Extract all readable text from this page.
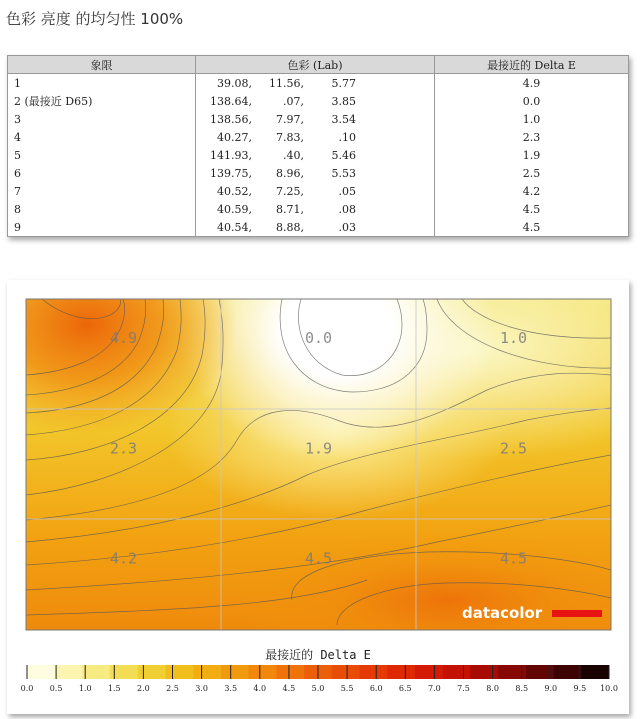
色彩 亮度 的均匀性 100%
象限	色彩 (Lab)	最接近的 Delta E
1	39.08, 11.56, 5.77	4.9
2 (最接近 D65)	138.64, .07, 3.85	0.0
3	138.56, 7.97, 3.54	1.0
4	40.27, 7.83, .10	2.3
5	141.93, .40, 5.46	1.9
6	139.75, 8.96, 5.53	2.5
7	40.52, 7.25, .05	4.2
8	40.59, 8.71, .08	4.5
9	40.54, 8.88, .03	4.5
4.9	0.0	1.0
2.3	1.9	2.5
4.2	4.5	4.5
datacolor
最接近的 Delta E
0.0 0.5 1.0 1.5 2.0 2.5 3.0 3.5 4.0 4.5 5.0 5.5 6.0 6.5 7.0 7.5 8.0 8.5 9.0 9.5 10.0
